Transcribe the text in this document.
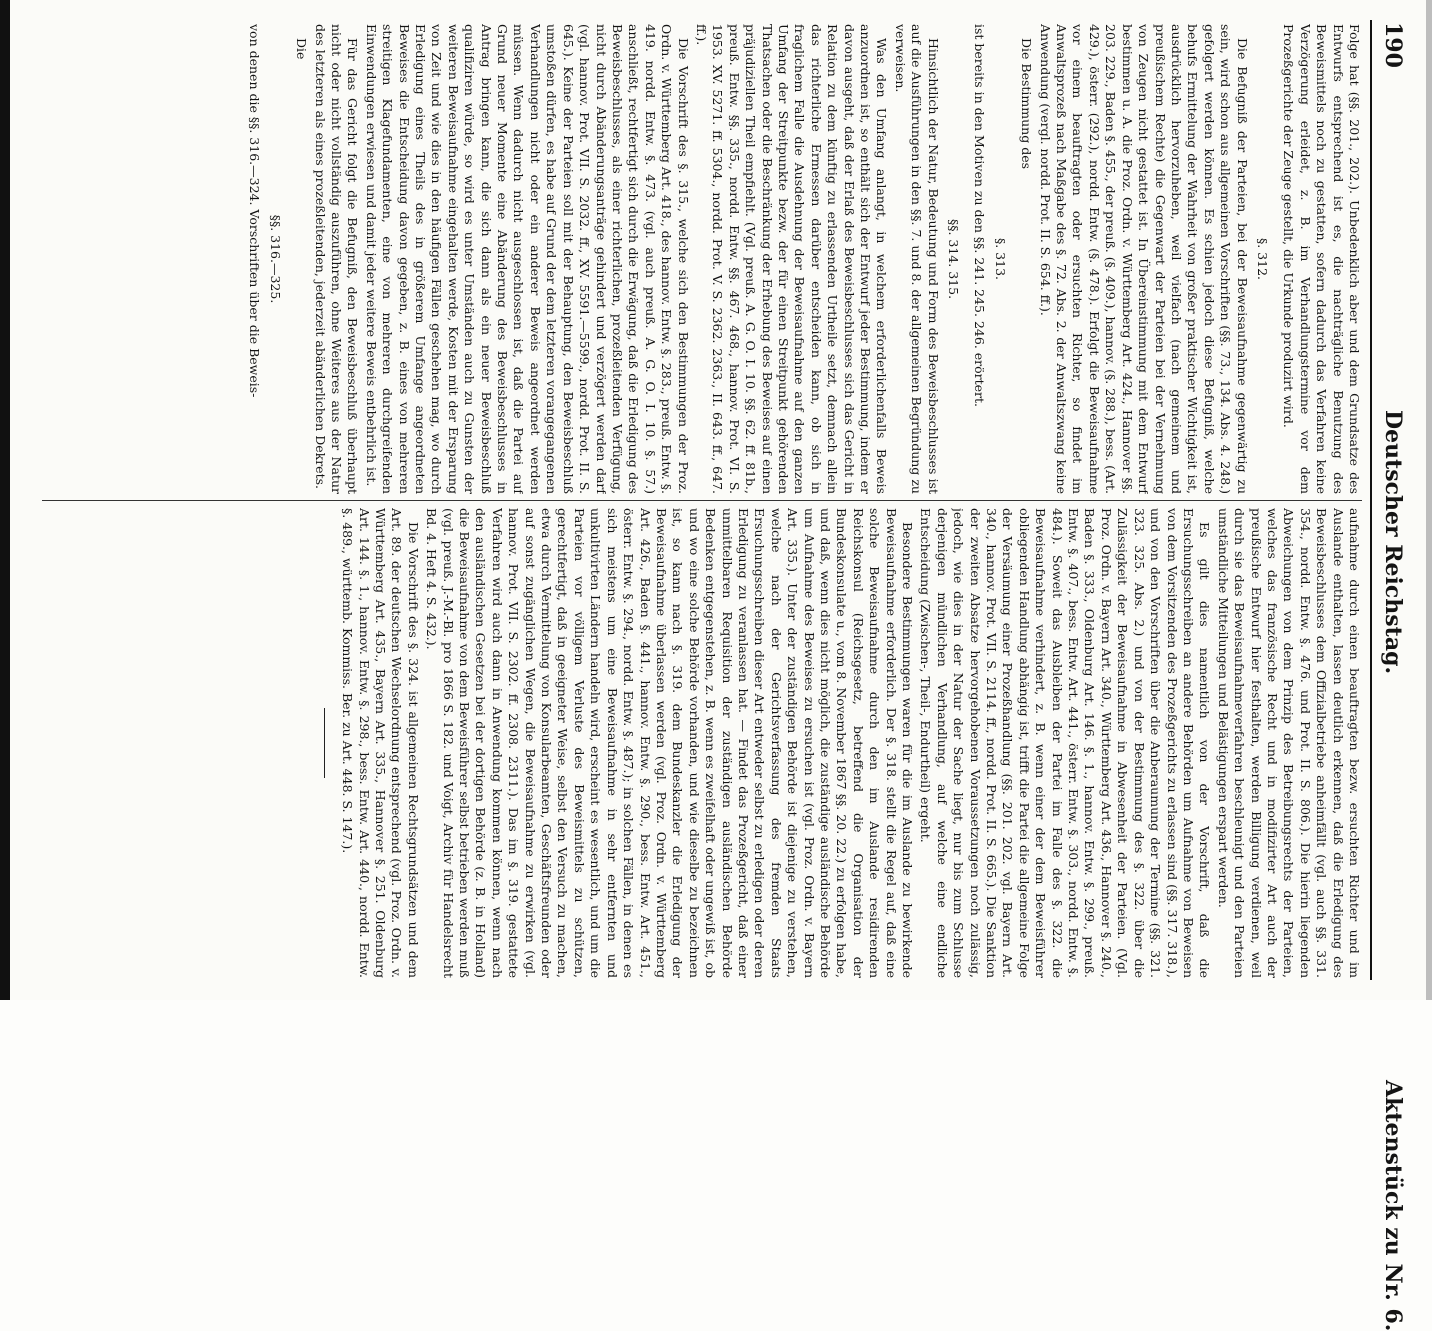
190
Deutscher Reichstag.
Aktenstück zu Nr. 6.

Folge hat (§§. 201., 202.). Unbedenklich aber und dem Grundsatze des Entwurfs entsprechend ist es, die nachträgliche Benutzung des Beweismittels noch zu gestatten, sofern dadurch das Verfahren keine Verzögerung erleidet, z. B. im Verhandlungstermine vor dem Prozeßgerichte der Zeuge gestellt, die Urkunde produzirt wird.

§. 312.

Die Befugniß der Parteien, bei der Beweisaufnahme gegenwärtig zu sein, wird schon aus allgemeinen Vorschriften (§§. 73., 134. Abs. 4. 248.) gefolgert werden können. Es schien jedoch diese Befugniß, welche behufs Ermittelung der Wahrheit von großer praktischer Wichtigkeit ist, ausdrücklich hervorzuheben, weil vielfach (nach gemeinem und preußischem Rechte) die Gegenwart der Parteien bei der Vernehmung von Zeugen nicht gestattet ist. In Übereinstimmung mit dem Entwurf bestimmen u. A. die Proz. Ordn. v. Württemberg Art. 424., Hannover §§. 203. 229., Baden §. 455., der preuß. (§. 409.), hannov. (§. 288.), bess. (Art. 429.), österr. (292.), nordd. Entw. (§. 478.). Erfolgt die Beweisaufnahme vor einem beauftragten oder ersuchten Richter, so findet im Anwaltsprozeß nach Maßgabe des §. 72. Abs. 2. der Anwaltszwang keine Anwendung (vergl. nordd. Prot. II. S. 654. ff.).

Die Bestimmung des

§. 313.

ist bereits in den Motiven zu den §§. 241. 245. 246. erörtert.

§§. 314. 315.

Hinsichtlich der Natur, Bedeutung und Form des Beweisbeschlusses ist auf die Ausführungen in den §§. 7. und 8. der allgemeinen Begründung zu verweisen.

Was den Umfang anlangt, in welchem erforderlichenfalls Beweis anzuordnen ist, so enthält sich der Entwurf jeder Bestimmung, indem er davon ausgeht, daß der Erlaß des Beweisbeschlusses sich das Gericht in Relation zu dem künftig zu erlassenden Urtheile setzt, demnach allein das richterliche Ermessen darüber entscheiden kann, ob sich in fraglichem Falle die Ausdehnung der Beweisaufnahme auf den ganzen Umfang der Streitpunkte bezw. der für einen Streitpunkt gehörenden Thatsachen oder die Beschränkung der Erhebung des Beweises auf einen präjudiziellen Theil empfiehlt. (Vgl. preuß. A. G. O. I. 10. §§. 62. ff. 81b., preuß. Entw. §§. 335., nordd. Entw. §§. 467. 468., hannov. Prot. VI. S. 1953. XV. 5271. ff. 5304., nordd. Prot. V. S. 2362. 2363., II. 643. ff., 647. ff.).

Die Vorschrift des §. 315., welche sich den Bestimmungen der Proz. Ordn. v. Württemberg Art. 418., des hannov. Entw. §. 283., preuß. Entw. §. 419. nordd. Entw. §. 473. (vgl. auch preuß. A. G. O. I. 10. §. 57.) anschließt, rechtfertigt sich durch die Erwägung, daß die Erledigung des Beweisbeschlusses, als einer richterlichen, prozeßleitenden Verfügung, nicht durch Abänderungsanträge gehindert und verzögert werden darf (vgl. hannov. Prot. VII. S. 2032. ff., XV. 5591.—5599., nordd. Prot. II. S. 645.). Keine der Parteien soll mit der Behauptung, den Beweisbeschluß umstoßen dürfen, es habe auf Grund der dem letzteren vorangegangenen Verhandlungen nicht oder ein anderer Beweis angeordnet werden müssen. Wenn dadurch nicht ausgeschlossen ist, daß die Partei auf Grund neuer Momente eine Abänderung des Beweisbeschlusses in Antrag bringen kann, die sich dann als ein neuer Beweisbeschluß qualifiziren würde, so wird es unter Umständen auch zu Gunsten der weiteren Beweisaufnahme eingehalten werde, Kosten mit der Ersparung von Zeit und wie dies in den häufigen Fällen geschehen mag, wo durch Erledigung eines Theils des in größerem Umfange angeordneten Beweises die Entscheidung davon gegeben, z. B. eines von mehreren streitigen Klagefundamenten, eine von mehreren durchgreifenden Einwendungen erwiesen und damit jeder weitere Beweis entbehrlich ist.

Für das Gericht folgt die Befugniß, den Beweisbeschluß überhaupt nicht oder nicht vollständig auszuführen, ohne Weiteres aus der Natur des letzteren als eines prozeßleitenden, jederzeit abänderlichen Dekrets.

Die

§§. 316.—325.

von denen die §§. 316.—324. Vorschriften über die Beweis-

aufnahme durch einen beauftragten bezw. ersuchten Richter und im Auslande enthalten, lassen deutlich erkennen, daß die Erledigung des Beweisbeschlusses dem Offizialbetriebe anheimfällt (vgl. auch §§. 331. 354., nordd. Entw. §. 476. und Prot. II. S. 806.). Die hierin liegenden Abweichungen von dem Prinzip des Betreibungsrechts der Parteien, welches das französische Recht und in modifizirter Art auch der preußische Entwurf hier festhalten, werden Billigung verdienen, weil durch sie das Beweisaufnahmeverfahren beschleunigt und den Parteien umständliche Mitteilungen und Belästigungen erspart werden.

Es gilt dies namentlich von der Vorschrift, daß die Ersuchungsschreiben an andere Behörden um Aufnahme von Beweisen von dem Vorsitzenden des Prozeßgerichts zu erlassen sind (§§. 317. 318.), und von den Vorschriften über die Anberaumung der Termine (§§. 321. 323. 325. Abs. 2.) und von der Bestimmung des §. 322. über die Zulässigkeit der Beweisaufnahme in Abwesenheit der Parteien. (Vgl. Proz. Ordn. v. Bayern Art. 340., Württemberg Art. 436., Hannover §. 240., Baden §. 333., Oldenburg Art. 146. §. 1., hannov. Entw. §. 299., preuß. Entw. §. 407., bess. Entw. Art. 441., österr. Entw. §. 303., nordd. Entw. §. 484.). Soweit das Ausbleiben der Partei im Falle des §. 322. die Beweisaufnahme verhindert, z. B. wenn einer der dem Beweisführer obliegenden Handlung abhängig ist, trifft die Partei die allgemeine Folge der Versäumung einer Prozeßhandlung (§§. 201. 202. vgl. Bayern Art. 340., hannov. Prot. VII. S. 2114. ff., nordd. Prot. II. S. 665.). Die Sanktion der zweiten Absatze hervorgehobenen Voraussetzungen noch zulässig, jedoch, wie dies in der Natur der Sache liegt, nur bis zum Schlusse derjenigen mündlichen Verhandlung, auf welche eine endliche Entscheidung (Zwischen-, Theil-, Endurtheil) ergeht.

Besondere Bestimmungen waren für die im Auslande zu bewirkende Beweisaufnahme erforderlich. Der §. 318. stellt die Regel auf, daß eine solche Beweisaufnahme durch den im Auslande residirenden Reichskonsul (Reichsgesetz, betreffend die Organisation der Bundeskonsulate u., vom 8. November 1867 §§. 20. 22.) zu erfolgen habe, und daß, wenn dies nicht möglich, die zuständige ausländische Behörde um Aufnahme des Beweises zu ersuchen ist (vgl. Proz. Ordn. v. Bayern Art. 335.). Unter der zuständigen Behörde ist diejenige zu verstehen, welche nach der Gerichtsverfassung des fremden Staats Ersuchungsschreiben dieser Art entweder selbst zu erledigen oder deren Erledigung zu veranlassen hat. — Findet das Prozeßgericht, daß einer unmittelbaren Requisition der zuständigen ausländischen Behörde Bedenken entgegenstehen, z. B. wenn es zweifelhaft oder ungewiß ist, ob und wo eine solche Behörde vorhanden, und wie dieselbe zu bezeichnen ist, so kann nach §. 319. dem Bundeskanzler die Erledigung der Beweisaufnahme überlassen werden (vgl. Proz. Ordn. v. Württemberg Art. 426., Baden §. 441., hannov. Entw. §. 290., bess. Entw. Art. 451., österr. Entw. §. 294., nordd. Entw. §. 487.); in solchen Fällen, in denen es sich meistens um eine Beweisaufnahme in sehr entfernten und unkultivirten Ländern handeln wird, erscheint es wesentlich, und um die Parteien vor völligem Verluste des Beweismittels zu schützen, gerechtfertigt, daß in geeigneter Weise, selbst den Versuch zu machen, etwa durch Vermittelung von Konsularbeamten, Geschäftsfreunden oder auf sonst zugänglichen Wegen, die Beweisaufnahme zu erwirken (vgl. hannov. Prot. VII. S. 2302. ff. 2308. 2311.). Das im §. 319. gestattete Verfahren wird auch dann in Anwendung kommen können, wenn nach den ausländischen Gesetzen bei der dortigen Behörde (z. B. in Holland) die Beweisaufnahme von dem Beweisführer selbst betrieben werden muß (vgl. preuß. J.-M.-Bl. pro 1866 S. 182. und Voigt, Archiv für Handelsrecht Bd. 4. Heft 4. S. 432.).

Die Vorschrift des §. 324. ist allgemeinen Rechtsgrundsätzen und dem Art. 89. der deutschen Wechselordnung entsprechend (vgl. Proz. Ordn. v. Württemberg Art. 435., Bayern Art. 335., Hannover §. 251. Oldenburg Art. 144. §. 1., hannov. Entw. §. 298., bess. Entw. Art. 440., nordd. Entw. §. 489., württemb. Kommiss. Ber. zu Art. 448. S. 147.).
